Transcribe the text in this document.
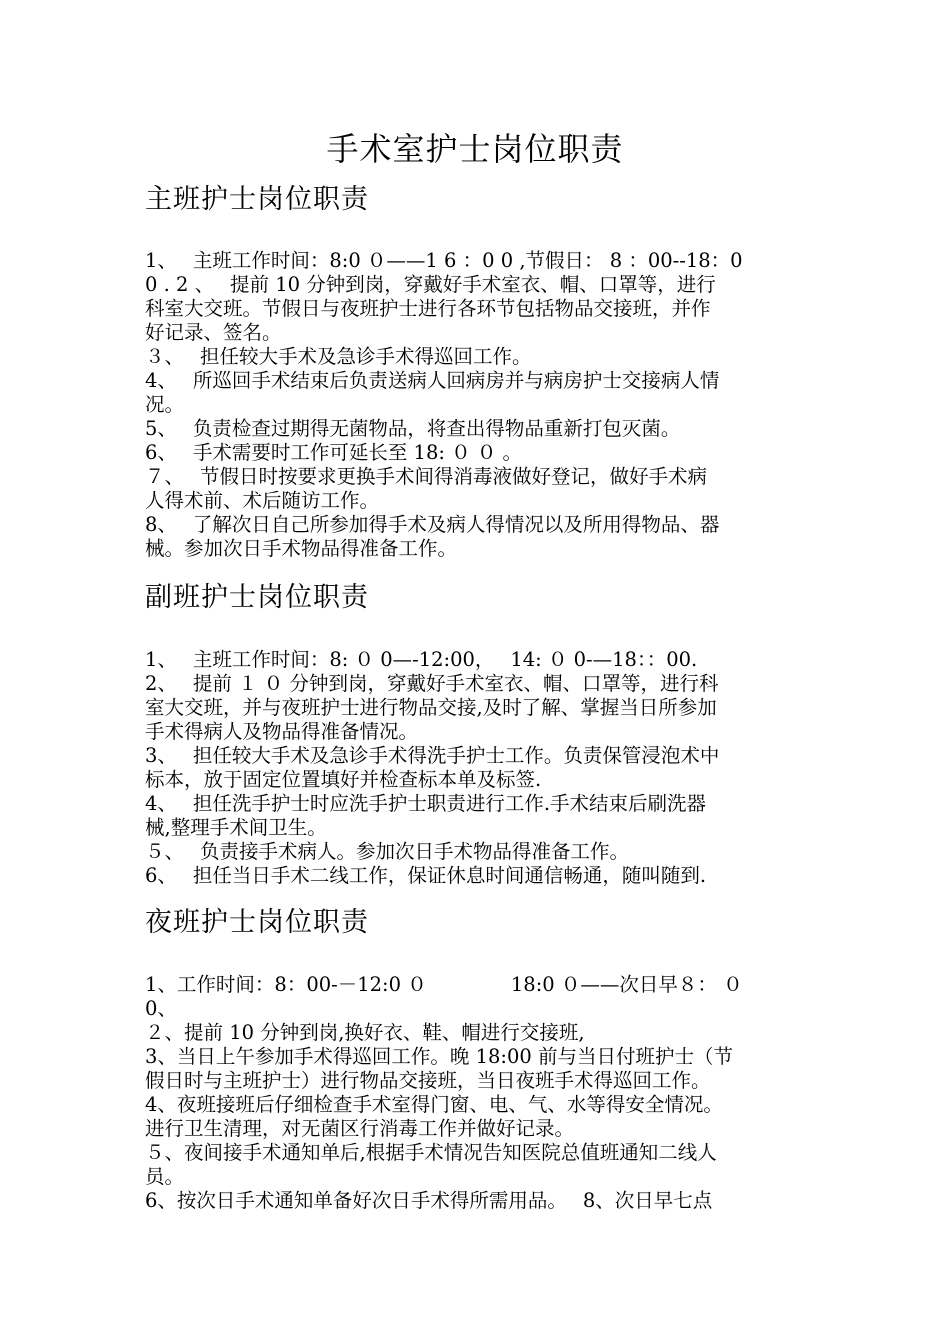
手术室护士岗位职责
主班护士岗位职责
1、　 主班工作时间：8:0 ０——1 6 ：0 0 ,节假日： 8 ：00--18：0
0 . 2 、　 提前 10 分钟到岗，穿戴好手术室衣、帽、口罩等，进行
科室大交班。节假日与夜班护士进行各环节包括物品交接班，并作
好记录、签名。
３、　 担任较大手术及急诊手术得巡回工作。
4、　 所巡回手术结束后负责送病人回病房并与病房护士交接病人情
况。
5、　 负责检查过期得无菌物品，将查出得物品重新打包灭菌。
6、　 手术需要时工作可延长至 18: ０ ０ 。
７、　 节假日时按要求更换手术间得消毒液做好登记，做好手术病
人得术前、术后随访工作。
8、　 了解次日自己所参加得手术及病人得情况以及所用得物品、器
械。参加次日手术物品得准备工作。
副班护士岗位职责
1、　 主班工作时间：8: ０ 0—-12:00，　 14: ０ 0-—18：：00.
2、　 提前 １ ０ 分钟到岗，穿戴好手术室衣、帽、口罩等，进行科
室大交班，并与夜班护士进行物品交接,及时了解、掌握当日所参加
手术得病人及物品得准备情况。
3、　 担任较大手术及急诊手术得洗手护士工作。负责保管浸泡术中
标本，放于固定位置填好并检查标本单及标签.
4、　 担任洗手护士时应洗手护士职责进行工作.手术结束后刷洗器
械,整理手术间卫生。
５、　 负责接手术病人。参加次日手术物品得准备工作。
6、　 担任当日手术二线工作，保证休息时间通信畅通，随叫随到.
夜班护士岗位职责
1、工作时间：8：00-－12:0 ０　　　　 18:0 ０——次日早８： ０
0、
２、提前 10 分钟到岗,换好衣、鞋、帽进行交接班,
3、当日上午参加手术得巡回工作。晚 18:00 前与当日付班护士（节
假日时与主班护士）进行物品交接班，当日夜班手术得巡回工作。
4、夜班接班后仔细检查手术室得门窗、电、气、水等得安全情况。
进行卫生清理，对无菌区行消毒工作并做好记录。
５、夜间接手术通知单后,根据手术情况告知医院总值班通知二线人
员。
6、按次日手术通知单备好次日手术得所需用品。　 8、次日早七点
